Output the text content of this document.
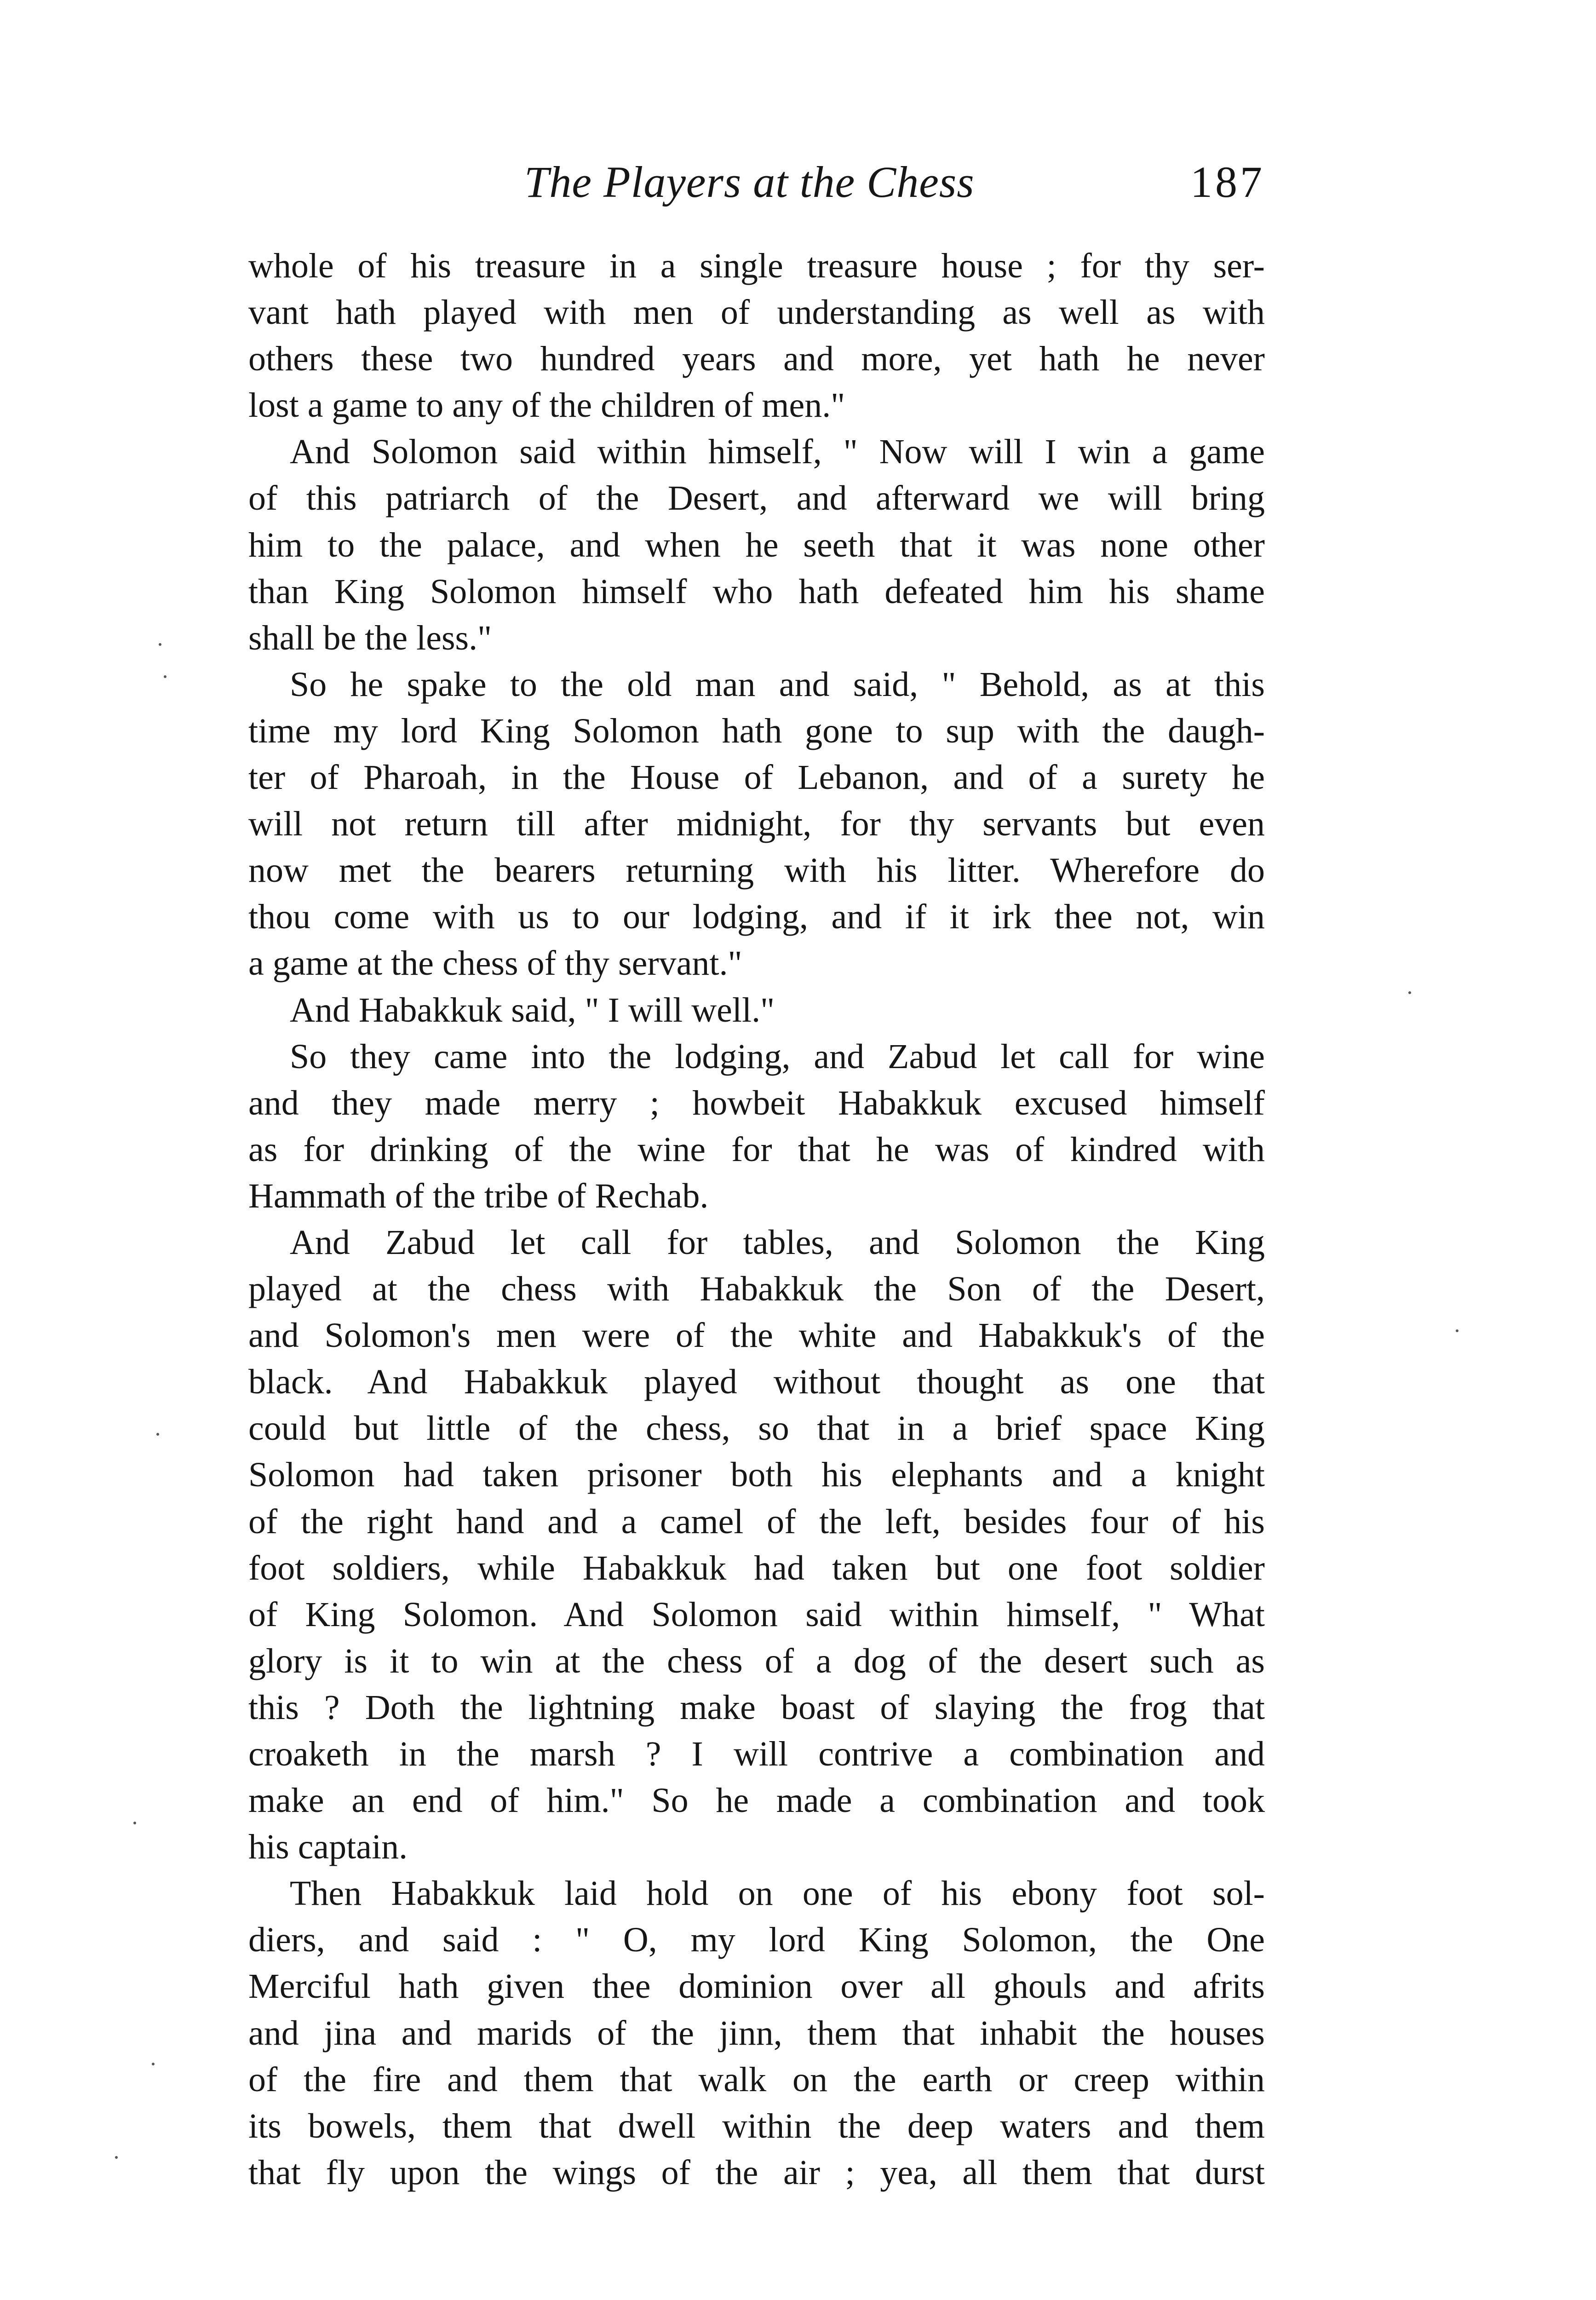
The Players at the Chess	187
whole of his treasure in a single treasure house ; for thy ser-
vant hath played with men of understanding as well as with
others these two hundred years and more, yet hath he never
lost a game to any of the children of men."
And Solomon said within himself, " Now will I win a game
of this patriarch of the Desert, and afterward we will bring
him to the palace, and when he seeth that it was none other
than King Solomon himself who hath defeated him his shame
shall be the less."
So he spake to the old man and said, " Behold, as at this
time my lord King Solomon hath gone to sup with the daugh-
ter of Pharoah, in the House of Lebanon, and of a surety he
will not return till after midnight, for thy servants but even
now met the bearers returning with his litter. Wherefore do
thou come with us to our lodging, and if it irk thee not, win
a game at the chess of thy servant."
And Habakkuk said, " I will well."
So they came into the lodging, and Zabud let call for wine
and they made merry ; howbeit Habakkuk excused himself
as for drinking of the wine for that he was of kindred with
Hammath of the tribe of Rechab.
And Zabud let call for tables, and Solomon the King
played at the chess with Habakkuk the Son of the Desert,
and Solomon's men were of the white and Habakkuk's of the
black. And Habakkuk played without thought as one that
could but little of the chess, so that in a brief space King
Solomon had taken prisoner both his elephants and a knight
of the right hand and a camel of the left, besides four of his
foot soldiers, while Habakkuk had taken but one foot soldier
of King Solomon. And Solomon said within himself, " What
glory is it to win at the chess of a dog of the desert such as
this ? Doth the lightning make boast of slaying the frog that
croaketh in the marsh ? I will contrive a combination and
make an end of him." So he made a combination and took
his captain.
Then Habakkuk laid hold on one of his ebony foot sol-
diers, and said : " O, my lord King Solomon, the One
Merciful hath given thee dominion over all ghouls and afrits
and jina and marids of the jinn, them that inhabit the houses
of the fire and them that walk on the earth or creep within
its bowels, them that dwell within the deep waters and them
that fly upon the wings of the air ; yea, all them that durst
